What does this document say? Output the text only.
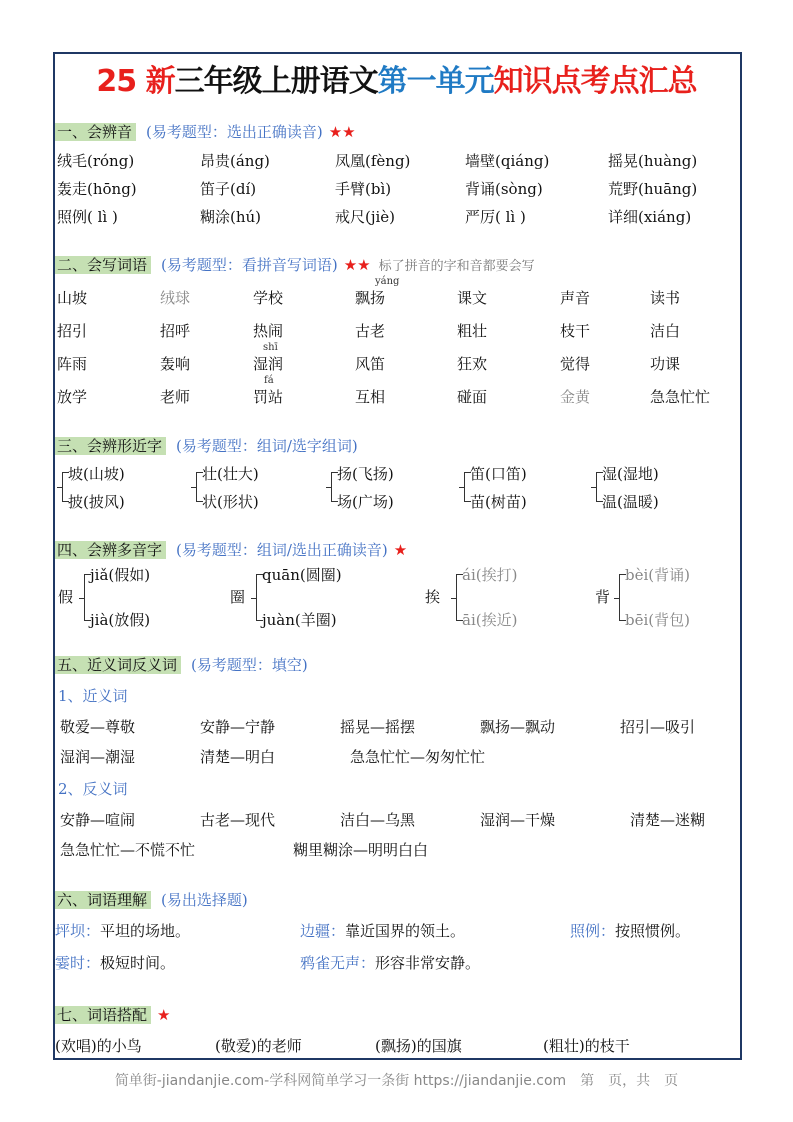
25 新三年级上册语文第一单元知识点考点汇总
一、会辨音 (易考题型：选出正确读音) ★★
绒毛(róng)	昂贵(áng)	凤凰(fèng)	墙壁(qiáng)	摇晃(huàng)
轰走(hōng)	笛子(dí)	手臂(bì)	背诵(sòng)	荒野(huāng)
照例( lì )	糊涂(hú)	戒尺(jiè)	严厉( lì )	详细(xiáng)
二、会写词语 (易考题型：看拼音写词语) ★★ 标了拼音的字和音都要会写
山坡	绒球	学校	飘扬	课文	声音	读书
招引	招呼	热闹	古老	粗壮	枝干	洁白
阵雨	轰响	湿润	风笛	狂欢	觉得	功课
放学	老师	罚站	互相	碰面	金黄	急急忙忙
yáng
shī
fá
三、会辨形近字 (易考题型：组词/选字组词)
坡(山坡)
披(披风)
壮(壮大)
状(形状)
扬(飞扬)
场(广场)
笛(口笛)
苗(树苗)
湿(湿地)
温(温暖)
四、会辨多音字 (易考题型：组词/选出正确读音) ★
假
jiǎ(假如)
jià(放假)
圈
quān(圆圈)
juàn(羊圈)
挨
ái(挨打)
āi(挨近)
背
bèi(背诵)
bēi(背包)
五、近义词反义词 (易考题型：填空)
1、近义词
敬爱—尊敬	安静—宁静	摇晃—摇摆	飘扬—飘动	招引—吸引
湿润—潮湿	清楚—明白	急急忙忙—匆匆忙忙
2、反义词
安静—喧闹	古老—现代	洁白—乌黑	湿润—干燥	清楚—迷糊
急急忙忙—不慌不忙	糊里糊涂—明明白白
六、词语理解 (易出选择题)
坪坝：平坦的场地。	边疆：靠近国界的领土。	照例：按照惯例。
霎时：极短时间。	鸦雀无声：形容非常安静。
七、词语搭配 ★
(欢唱)的小鸟	(敬爱)的老师	(飘扬)的国旗	(粗壮)的枝干
简单街-jiandanjie.com-学科网简单学习一条街 https://jiandanjie.com　第　页，共　页
